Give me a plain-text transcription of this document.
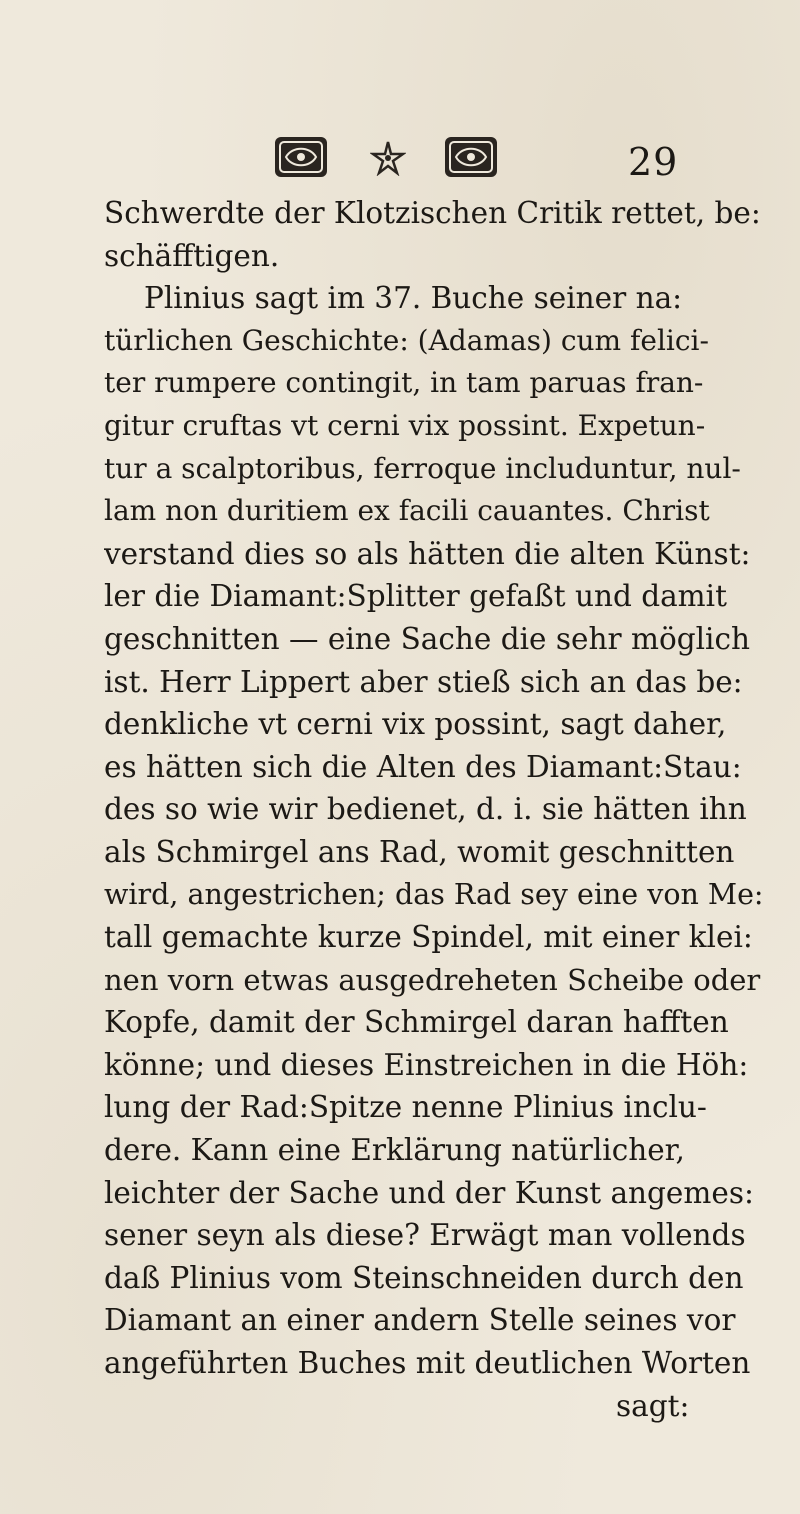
29
Schwerdte der Klotzischen Critik rettet, be:
schäfftigen.
Plinius sagt im 37. Buche seiner na:
türlichen Geschichte: (Adamas) cum felici-
ter rumpere contingit, in tam paruas fran-
gitur cruftas vt cerni vix possint. Expetun-
tur a scalptoribus, ferroque includuntur, nul-
lam non duritiem ex facili cauantes. Christ
verstand dies so als hätten die alten Künst:
ler die Diamant:Splitter gefaßt und damit
geschnitten — eine Sache die sehr möglich
ist. Herr Lippert aber stieß sich an das be:
denkliche vt cerni vix possint, sagt daher,
es hätten sich die Alten des Diamant:Stau:
des so wie wir bedienet, d. i. sie hätten ihn
als Schmirgel ans Rad, womit geschnitten
wird, angestrichen; das Rad sey eine von Me:
tall gemachte kurze Spindel, mit einer klei:
nen vorn etwas ausgedreheten Scheibe oder
Kopfe, damit der Schmirgel daran hafften
könne; und dieses Einstreichen in die Höh:
lung der Rad:Spitze nenne Plinius inclu-
dere. Kann eine Erklärung natürlicher,
leichter der Sache und der Kunst angemes:
sener seyn als diese? Erwägt man vollends
daß Plinius vom Steinschneiden durch den
Diamant an einer andern Stelle seines vor
angeführten Buches mit deutlichen Worten
sagt:
